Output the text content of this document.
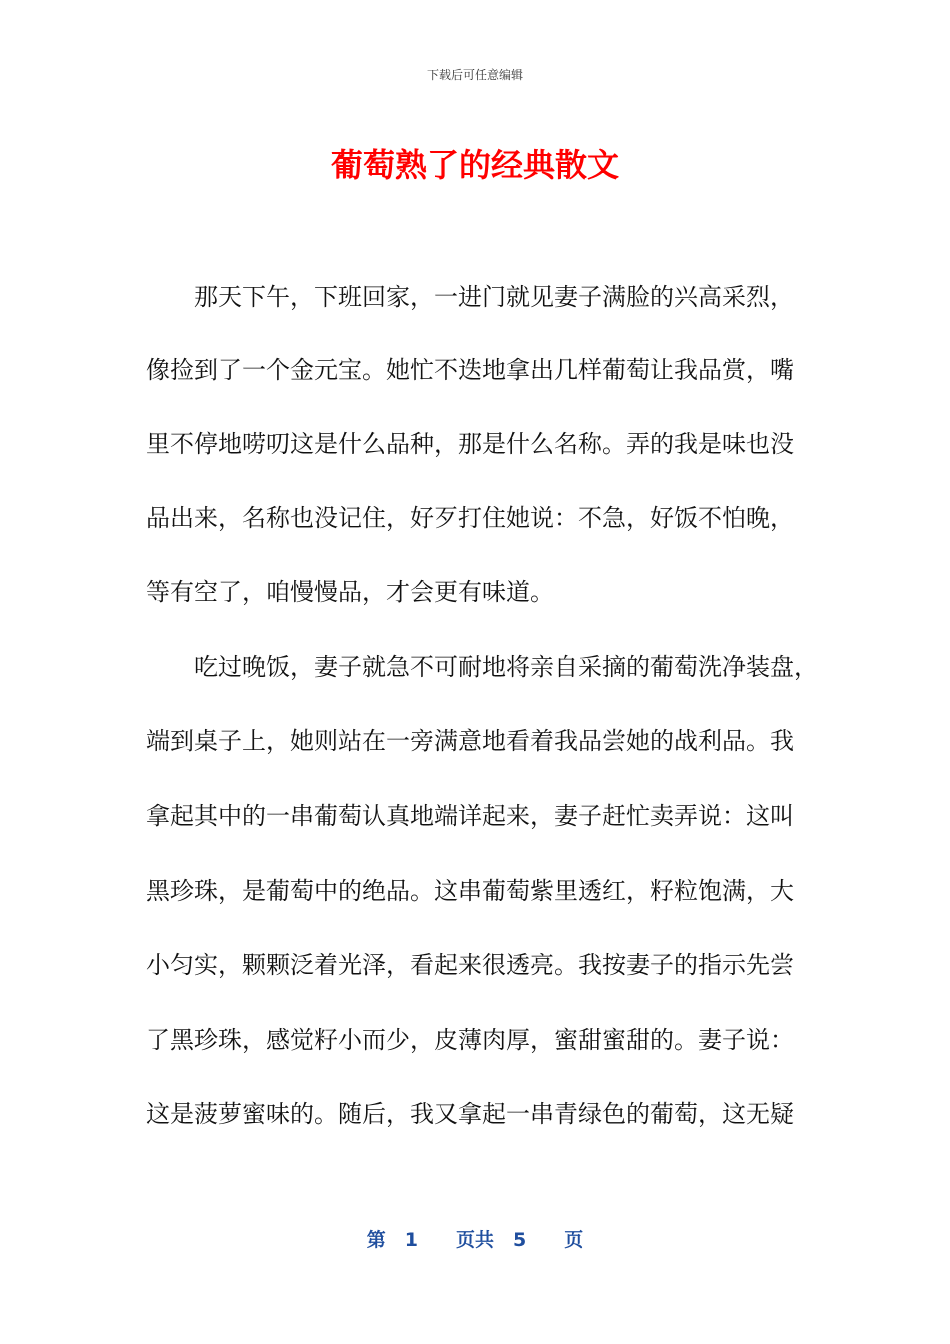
下载后可任意编辑
葡萄熟了的经典散文
　　那天下午，下班回家，一进门就见妻子满脸的兴高采烈，
像捡到了一个金元宝。她忙不迭地拿出几样葡萄让我品赏，嘴
里不停地唠叨这是什么品种，那是什么名称。弄的我是味也没
品出来，名称也没记住，好歹打住她说：不急，好饭不怕晚，
等有空了，咱慢慢品，才会更有味道。
　　吃过晚饭，妻子就急不可耐地将亲自采摘的葡萄洗净装盘，
端到桌子上，她则站在一旁满意地看着我品尝她的战利品。我
拿起其中的一串葡萄认真地端详起来，妻子赶忙卖弄说：这叫
黑珍珠，是葡萄中的绝品。这串葡萄紫里透红，籽粒饱满，大
小匀实，颗颗泛着光泽，看起来很透亮。我按妻子的指示先尝
了黑珍珠，感觉籽小而少，皮薄肉厚，蜜甜蜜甜的。妻子说：
这是菠萝蜜味的。随后，我又拿起一串青绿色的葡萄，这无疑
第　1　　页共　5　　页
